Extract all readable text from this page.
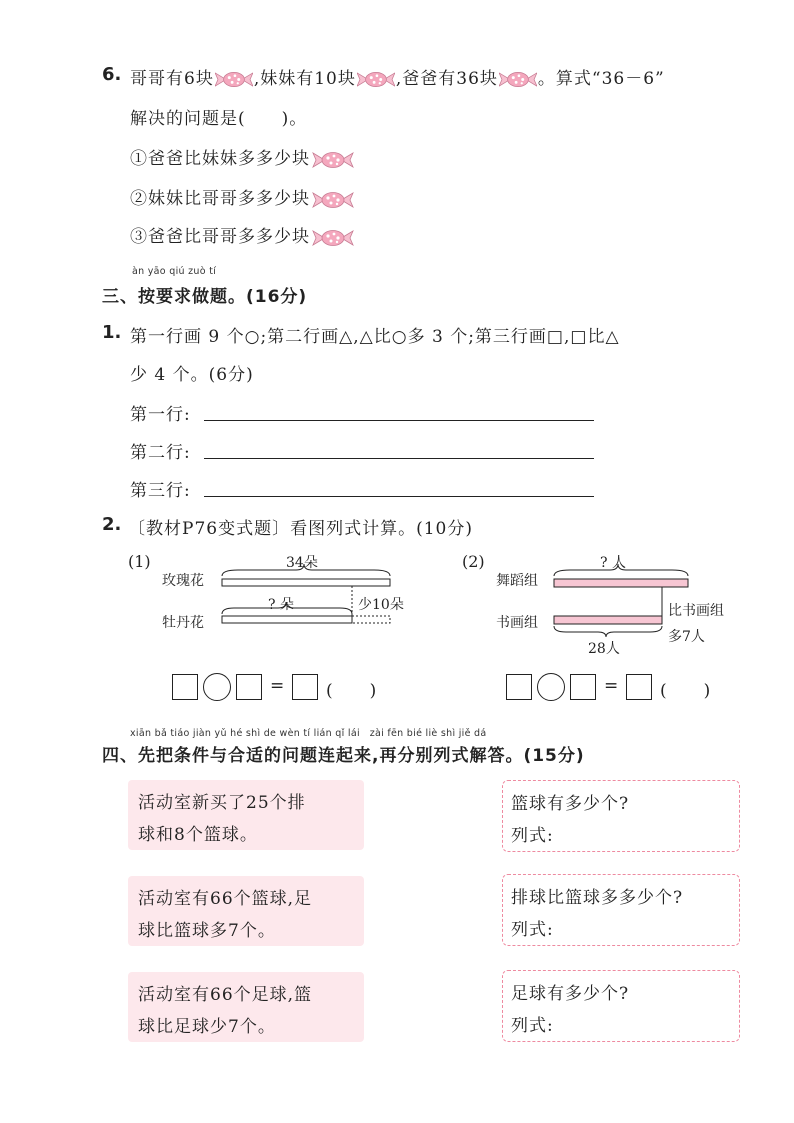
6. 哥哥有6块 ,妹妹有10块 ,爸爸有36块 。算式“36－6”
解决的问题是(　　)。
①爸爸比妹妹多多少块
②妹妹比哥哥多多少块
③爸爸比哥哥多多少块
àn yāo qiú zuò tí
三、按要求做题。(16分)
1. 第一行画 9 个○;第二行画△,△比○多 3 个;第三行画□,□比△
少 4 个。(6分)
第一行:
第二行:
第三行:
2. 〔教材P76变式题〕看图列式计算。(10分)
(1)	34朵
玫瑰花
? 朵	少10朵
牡丹花
(2)	? 人
舞蹈组
书画组
比书画组
多7人
28人
= (　　)	= (　　)
xiān bǎ tiáo jiàn yǔ hé shì de wèn tí lián qǐ lái　zài fēn bié liè shì jiě dá
四、先把条件与合适的问题连起来,再分别列式解答。(15分)
活动室新买了25个排
球和8个篮球。
活动室有66个篮球,足
球比篮球多7个。
活动室有66个足球,篮
球比足球少7个。
篮球有多少个?
列式:
排球比篮球多多少个?
列式:
足球有多少个?
列式:
